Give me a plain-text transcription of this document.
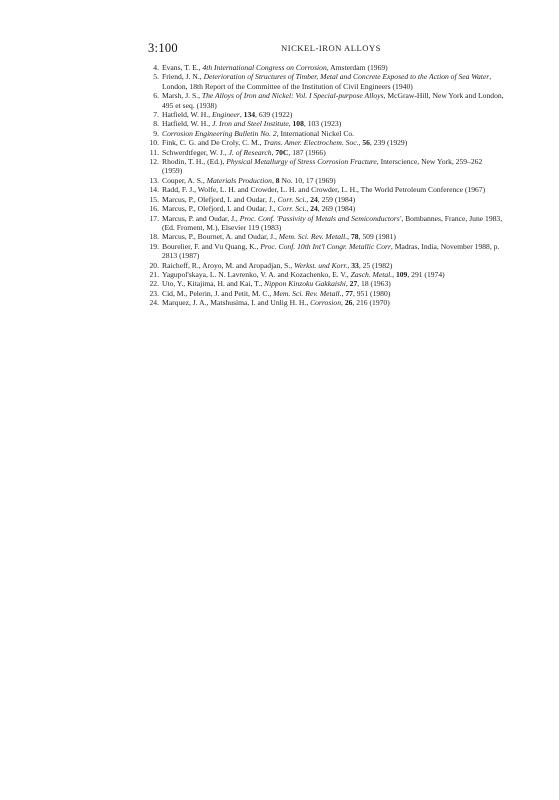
3:100	NICKEL-IRON ALLOYS
4. Evans, T. E., 4th International Congress on Corrosion, Amsterdam (1969)
5. Friend, J. N., Deterioration of Structures of Timber, Metal and Concrete Exposed to the Action of Sea Water, London, 18th Report of the Committee of the Institution of Civil Engineers (1940)
6. Marsh, J. S., The Alloys of Iron and Nickel: Vol. I Special-purpose Alloys, McGraw-Hill, New York and London, 495 et seq. (1938)
7. Hatfield, W. H., Engineer, 134, 639 (1922)
8. Hatfield, W. H., J. Iron and Steel Institute, 108, 103 (1923)
9. Corrosion Engineering Bulletin No. 2, International Nickel Co.
10. Fink, C. G. and De Croly, C. M., Trans. Amer. Electrochem. Soc., 56, 239 (1929)
11. Schwerdtfeger, W. J., J. of Research, 70C, 187 (1966)
12. Rhodin, T. H., (Ed.), Physical Metallurgy of Stress Corrosion Fracture, Interscience, New York, 259–262 (1959)
13. Couper, A. S., Materials Production, 8 No. 10, 17 (1969)
14. Radd, F. J., Wolfe, L. H. and Crowder, L. H. and Crowder, L. H., The World Petroleum Conference (1967)
15. Marcus, P., Olefjord, I. and Oudar, J., Corr. Sci., 24, 259 (1984)
16. Marcus, P., Olefjord, I. and Oudar, J., Corr. Sci., 24, 269 (1984)
17. Marcus, P. and Oudar, J., Proc. Conf. 'Passivity of Metals and Semiconductors', Bombannes, France, June 1983, (Ed. Froment, M.), Elsevier 119 (1983)
18. Marcus, P., Bournet, A. and Oudar, J., Mem. Sci. Rev. Metall., 78, 509 (1981)
19. Bourelier, F. and Vu Quang, K., Proc. Conf. 10th Int'l Congr. Metallic Corr, Madras, India, November 1988, p. 2813 (1987)
20. Raicheff, R., Aroyo, M. and Aropadjan, S., Werkst. und Korr., 33, 25 (1982)
21. Yagupol'skaya, L. N. Lavrenko, V. A. and Kozachenko, E. V., Zasch. Metal., 109, 291 (1974)
22. Uto, Y., Kitajima, H. and Kai, T., Nippon Kinzoku Gakkaishi, 27, 18 (1963)
23. Cid, M., Pelerin, J. and Petit, M. C., Mem. Sci. Rev. Metall., 77, 951 (1980)
24. Marquez, J. A., Matshusima, I. and Unlig H. H., Corrosion, 26, 216 (1970)
